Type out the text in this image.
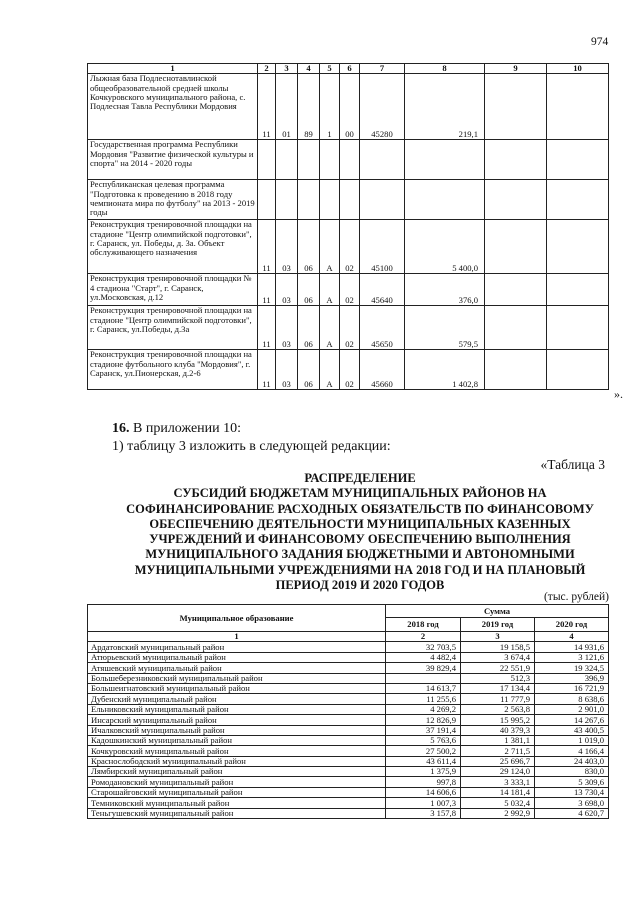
974
1	2	3	4	5	6	7	8	9	10
Лыжная база Подлеснотавлинской общеобразовательной средней школы Кочкуровского муниципального района, с. Подлесная Тавла Республики Мордовия	11	01	89	1	00	45280	219,1		
Государственная программа Республики Мордовия "Развитие физической культуры и спорта" на 2014 - 2020 годы									
Республиканская целевая программа "Подготовка к проведению в 2018 году чемпионата мира по футболу" на 2013 - 2019 годы									
Реконструкция тренировочной площадки на стадионе "Центр олимпийской подготовки", г. Саранск, ул. Победы, д. 3а. Объект обслуживающего назначения	11	03	06	А	02	45100	5 400,0		
Реконструкция тренировочной площадки № 4 стадиона "Старт", г. Саранск, ул.Московская, д.12	11	03	06	А	02	45640	376,0		
Реконструкция тренировочной площадки на стадионе "Центр олимпийской подготовки", г. Саранск, ул.Победы, д.3а	11	03	06	А	02	45650	579,5		
Реконструкция тренировочной площадки на стадионе футбольного клуба "Мордовия", г. Саранск, ул.Пионерская, д.2-6	11	03	06	А	02	45660	1 402,8		
».
16. В приложении 10:
1) таблицу 3 изложить в следующей редакции:
«Таблица 3
РАСПРЕДЕЛЕНИЕ
СУБСИДИЙ БЮДЖЕТАМ МУНИЦИПАЛЬНЫХ РАЙОНОВ НА
СОФИНАНСИРОВАНИЕ РАСХОДНЫХ ОБЯЗАТЕЛЬСТВ ПО ФИНАНСОВОМУ
ОБЕСПЕЧЕНИЮ ДЕЯТЕЛЬНОСТИ МУНИЦИПАЛЬНЫХ КАЗЕННЫХ
УЧРЕЖДЕНИЙ И ФИНАНСОВОМУ ОБЕСПЕЧЕНИЮ ВЫПОЛНЕНИЯ
МУНИЦИПАЛЬНОГО ЗАДАНИЯ БЮДЖЕТНЫМИ И АВТОНОМНЫМИ
МУНИЦИПАЛЬНЫМИ УЧРЕЖДЕНИЯМИ НА 2018 ГОД И НА ПЛАНОВЫЙ
ПЕРИОД 2019 И 2020 ГОДОВ
(тыс. рублей)
Муниципальное образование	Сумма		
	2018 год	2019 год	2020 год
1	2	3	4
Ардатовский муниципальный район	32 703,5	19 158,5	14 931,6
Атюрьевский муниципальный район	4 482,4	3 674,4	3 121,6
Атяшевский муниципальный район	39 829,4	22 551,9	19 324,5
Большеберезниковский муниципальный район		512,3	396,9
Большеигнатовский муниципальный район	14 613,7	17 134,4	16 721,9
Дубенский муниципальный район	11 255,6	11 777,9	8 638,6
Ельниковский муниципальный район	4 269,2	2 563,8	2 901,0
Инсарский муниципальный район	12 826,9	15 995,2	14 267,6
Ичалковский муниципальный район	37 191,4	40 379,3	43 400,5
Кадошкинский муниципальный район	5 763,6	1 381,1	1 019,0
Кочкуровский муниципальный район	27 500,2	2 711,5	4 166,4
Краснослободский муниципальный район	43 611,4	25 696,7	24 403,0
Лямбирский муниципальный район	1 375,9	29 124,0	830,0
Ромодановский муниципальный район	997,8	3 333,1	5 309,6
Старошайговский муниципальный район	14 606,6	14 181,4	13 730,4
Темниковский муниципальный район	1 007,3	5 032,4	3 698,0
Теньгушевский муниципальный район	3 157,8	2 992,9	4 620,7
